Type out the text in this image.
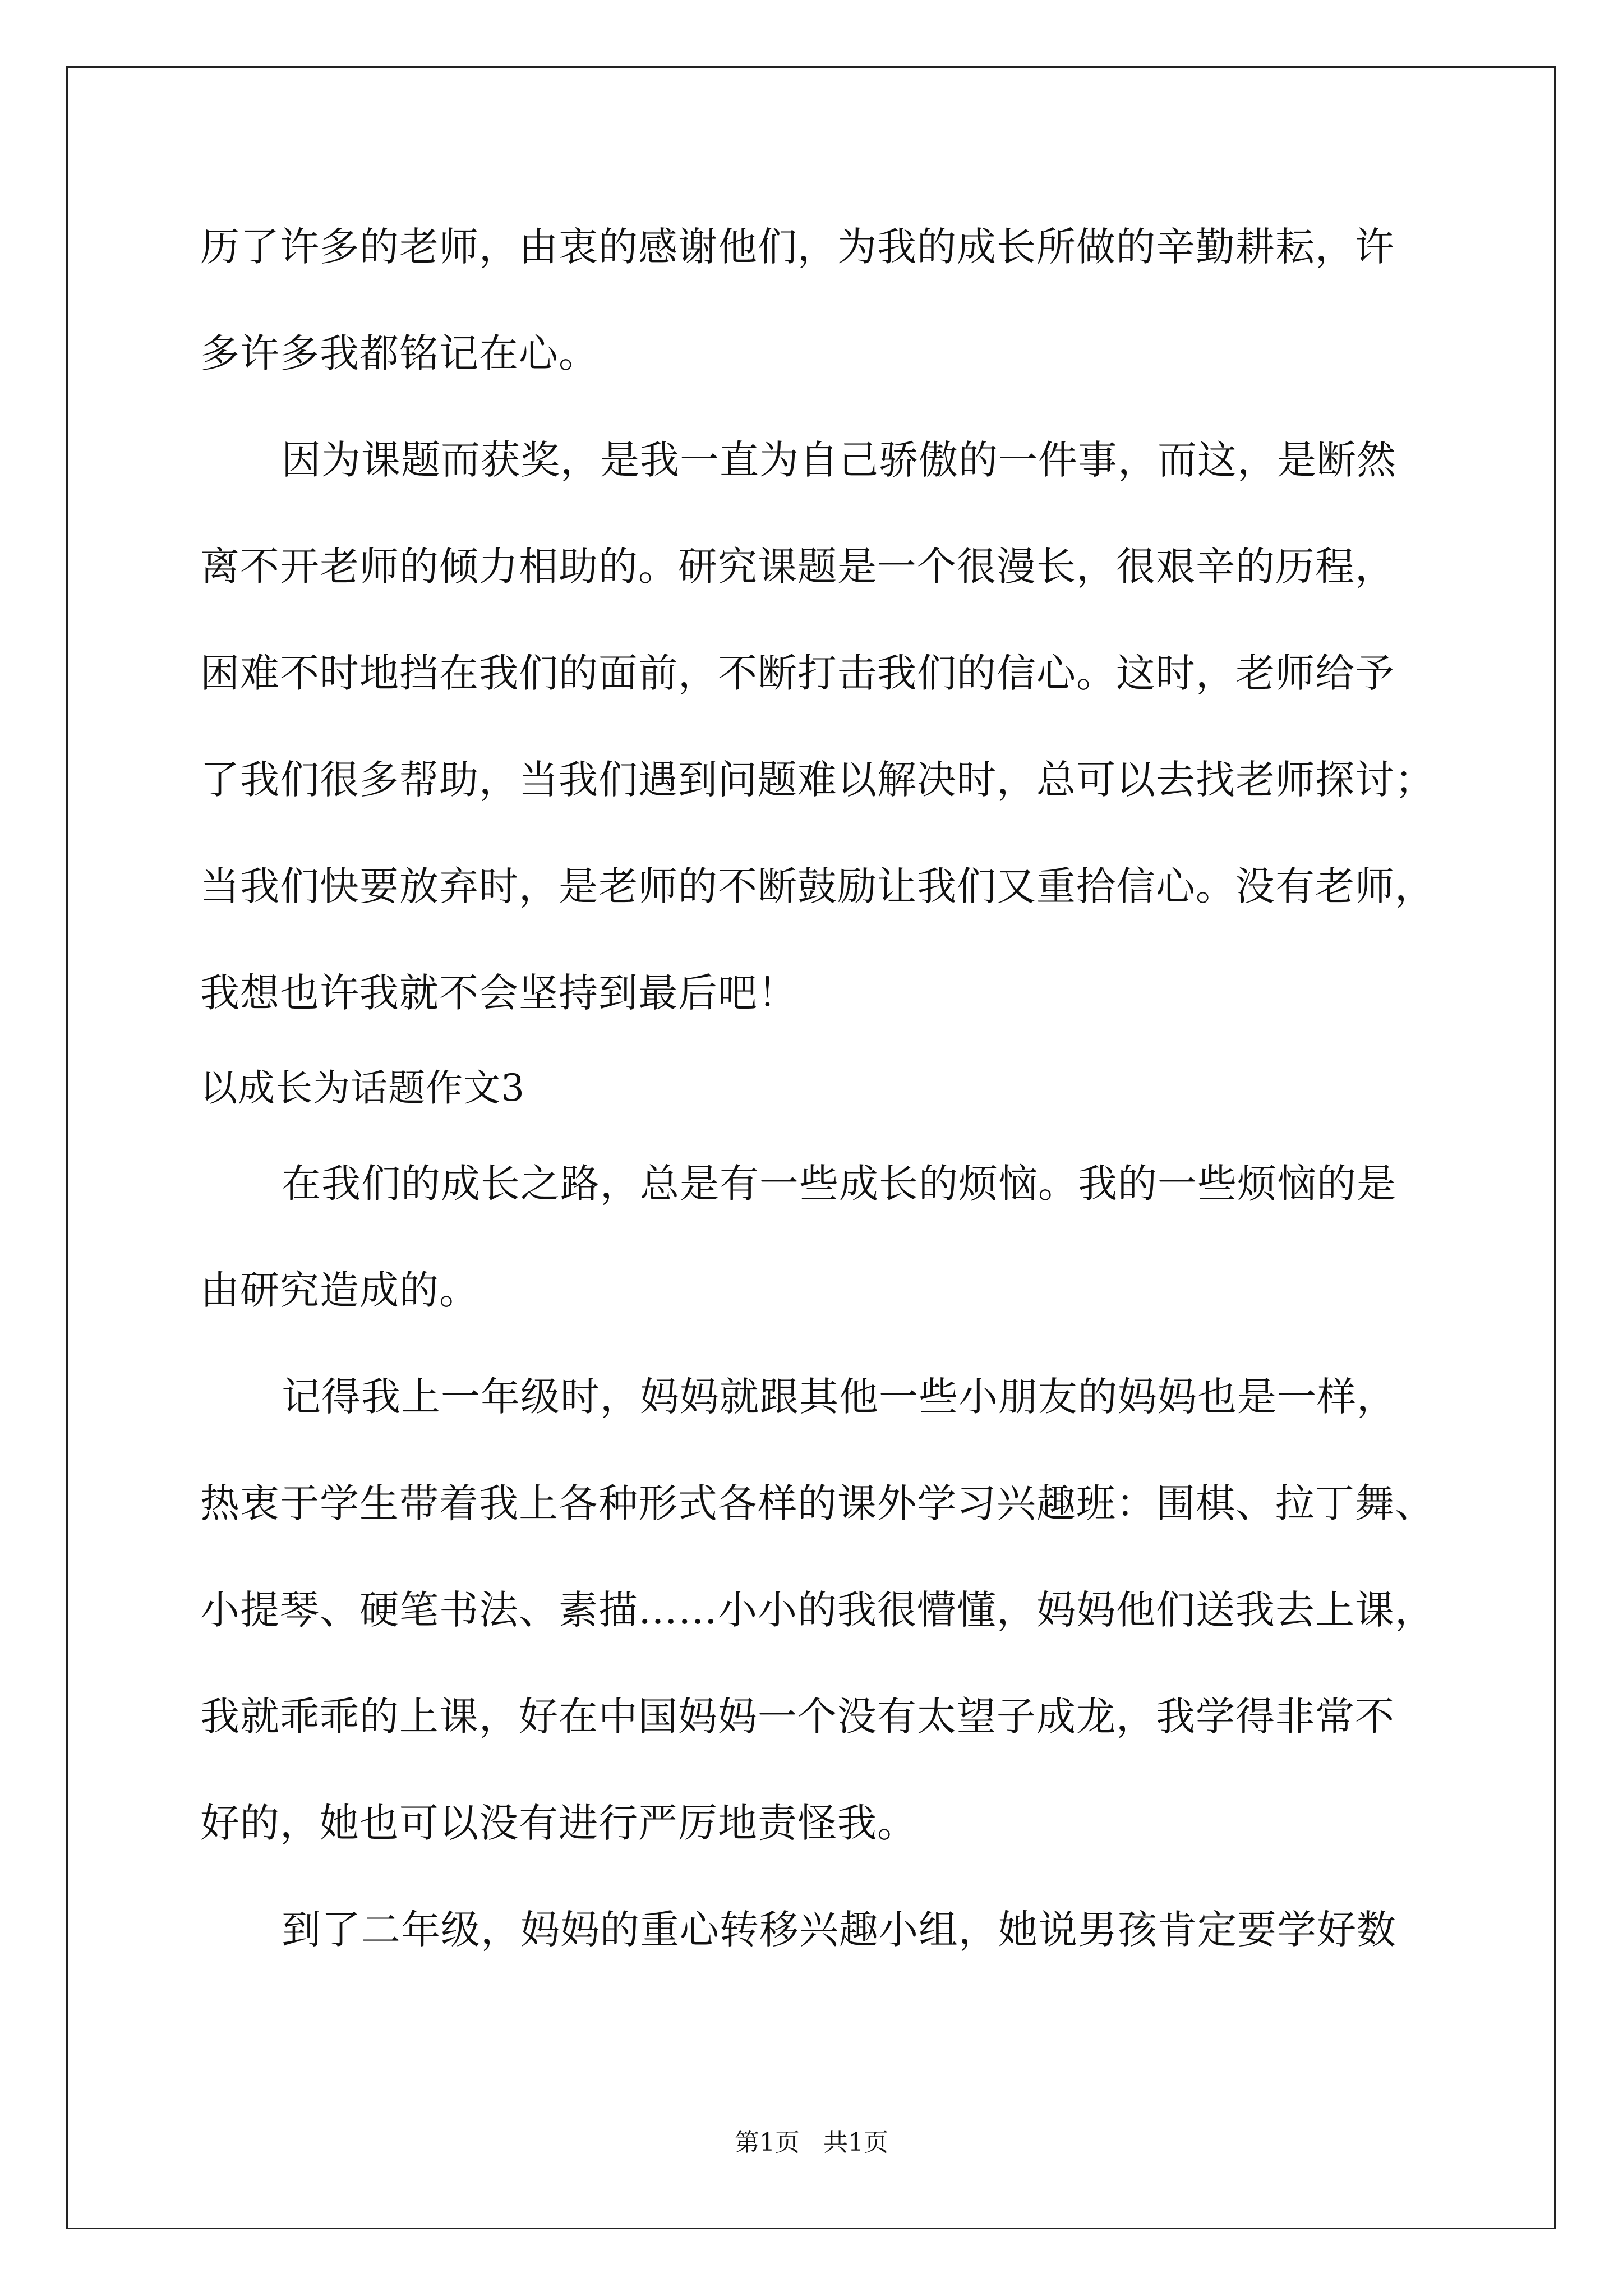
历了许多的老师，由衷的感谢他们，为我的成长所做的辛勤耕耘，许
多许多我都铭记在心。
因为课题而获奖，是我一直为自己骄傲的一件事，而这，是断然
离不开老师的倾力相助的。研究课题是一个很漫长，很艰辛的历程，
困难不时地挡在我们的面前，不断打击我们的信心。这时，老师给予
了我们很多帮助，当我们遇到问题难以解决时，总可以去找老师探讨；
当我们快要放弃时，是老师的不断鼓励让我们又重拾信心。没有老师，
我想也许我就不会坚持到最后吧！
以成长为话题作文3
在我们的成长之路，总是有一些成长的烦恼。我的一些烦恼的是
由研究造成的。
记得我上一年级时，妈妈就跟其他一些小朋友的妈妈也是一样，
热衷于学生带着我上各种形式各样的课外学习兴趣班：围棋、拉丁舞、
小提琴、硬笔书法、素描……小小的我很懵懂，妈妈他们送我去上课，
我就乖乖的上课，好在中国妈妈一个没有太望子成龙，我学得非常不
好的，她也可以没有进行严厉地责怪我。
到了二年级，妈妈的重心转移兴趣小组，她说男孩肯定要学好数
第1页   共1页
